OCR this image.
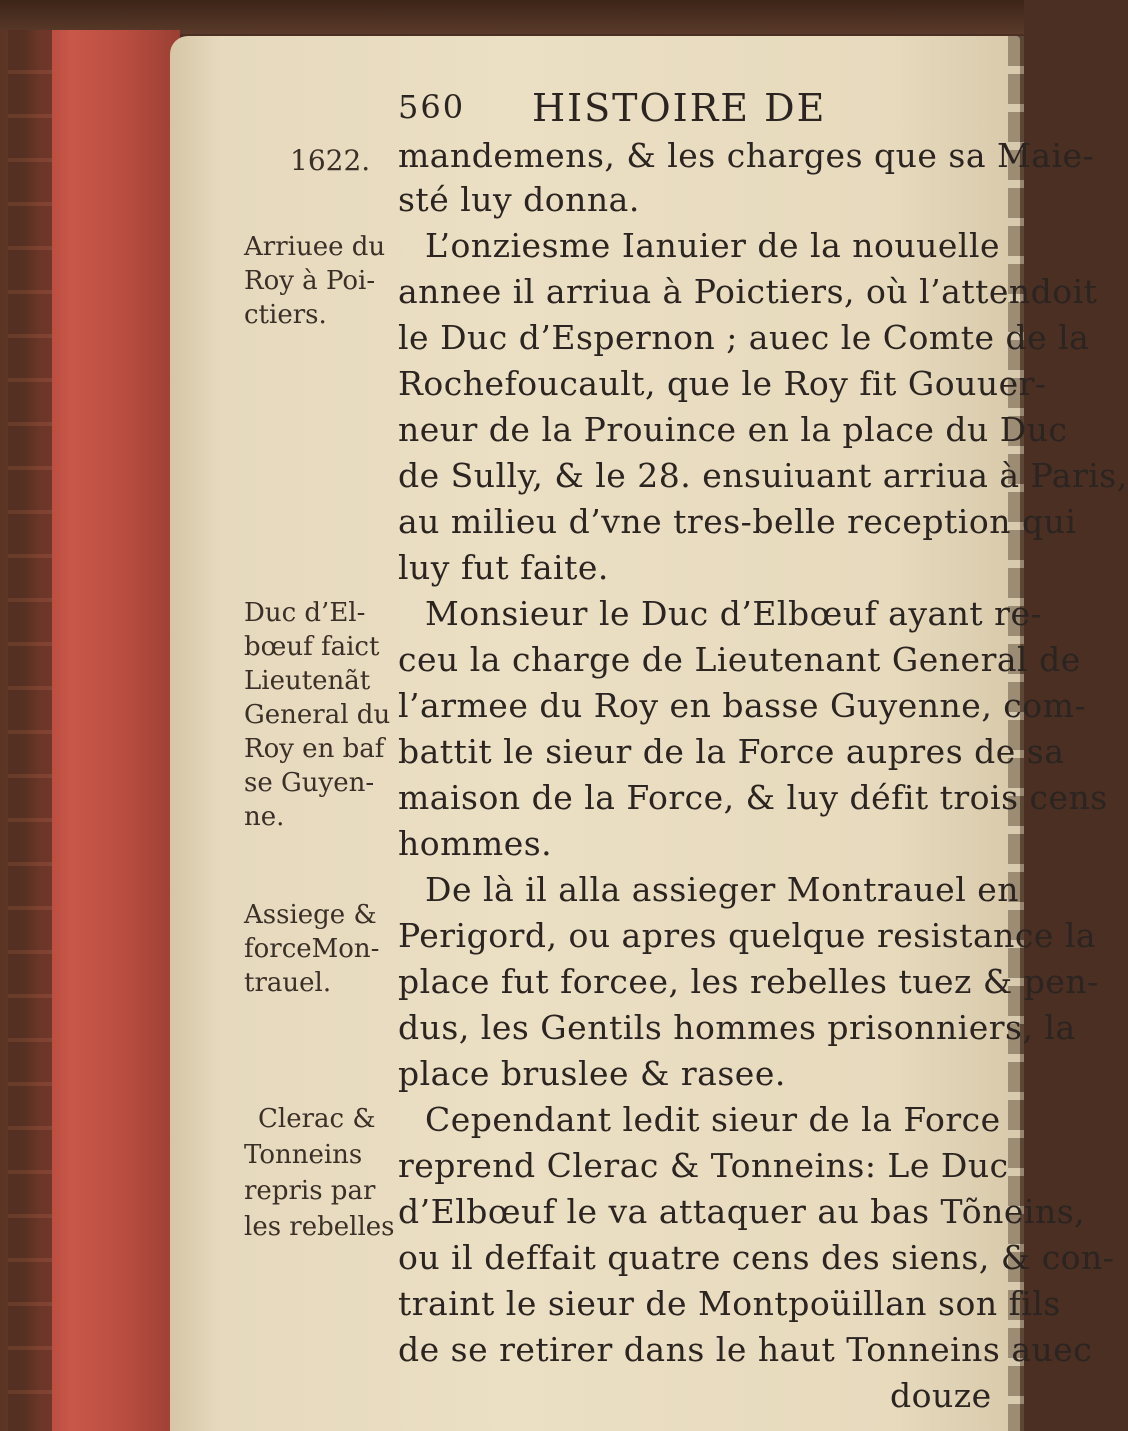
560 HISTOIRE DE
1622. mandemens, & les charges que sa Maie-
sté luy donna.
L’onziesme Ianuier de la nouuelle
annee il arriua à Poictiers, où l’attendoit
le Duc d’Espernon ; auec le Comte de la
Rochefoucault, que le Roy fit Gouuer-
neur de la Prouince en la place du Duc
de Sully, & le 28. ensuiuant arriua à Paris,
au milieu d’vne tres-belle reception qui
luy fut faite.
Monsieur le Duc d’Elbœuf ayant re-
ceu la charge de Lieutenant General de
l’armee du Roy en basse Guyenne, com-
battit le sieur de la Force aupres de sa
maison de la Force, & luy défit trois cens
hommes.
De là il alla assieger Montrauel en
Perigord, ou apres quelque resistance la
place fut forcee, les rebelles tuez & pen-
dus, les Gentils hommes prisonniers, la
place bruslee & rasee.
Cependant ledit sieur de la Force
reprend Clerac & Tonneins: Le Duc
d’Elbœuf le va attaquer au bas Tõneins,
ou il deffait quatre cens des siens, & con-
traint le sieur de Montpoüillan son fils
de se retirer dans le haut Tonneins auec
douze
Arriuee du
Roy à Poi-
ctiers.
Duc d’El-
bœuf faict
Lieutenãt
General du
Roy en baf
se Guyen-
ne.
Assiege &
forceMon-
trauel.
Clerac &
Tonneins
repris par
les rebelles
